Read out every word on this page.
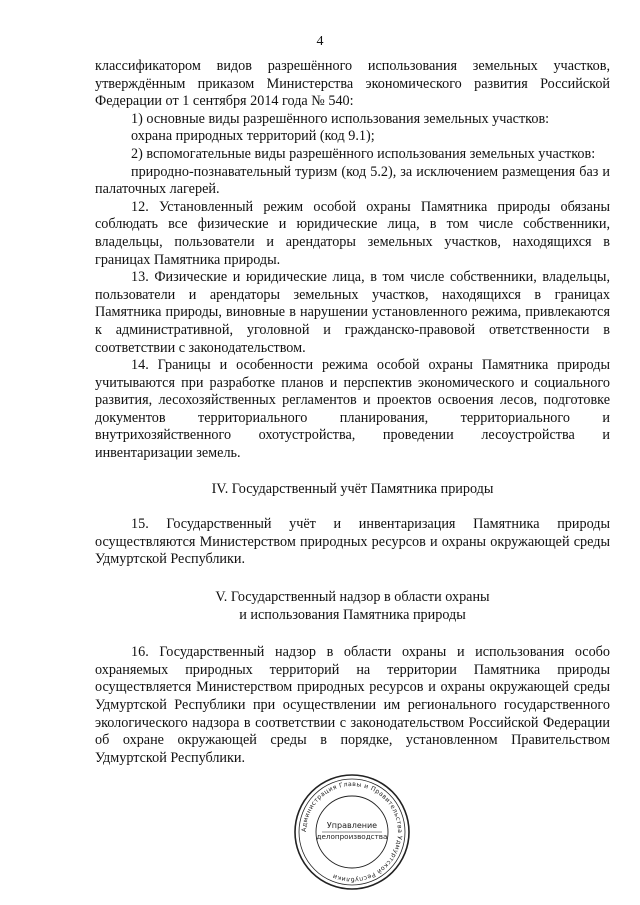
4

классификатором видов разрешённого использования земельных участков, утверждённым приказом Министерства экономического развития Российской Федерации от 1 сентября 2014 года № 540:

1) основные виды разрешённого использования земельных участков:

охрана природных территорий (код 9.1);

2) вспомогательные виды разрешённого использования земельных участков:

природно-познавательный туризм (код 5.2), за исключением размещения баз и палаточных лагерей.

12. Установленный режим особой охраны Памятника природы обязаны соблюдать все физические и юридические лица, в том числе собственники, владельцы, пользователи и арендаторы земельных участков, находящихся в границах Памятника природы.

13. Физические и юридические лица, в том числе собственники, владельцы, пользователи и арендаторы земельных участков, находящихся в границах Памятника природы, виновные в нарушении установленного режима, привлекаются к административной, уголовной и гражданско-правовой ответственности в соответствии с законодательством.

14. Границы и особенности режима особой охраны Памятника природы учитываются при разработке планов и перспектив экономического и социального развития, лесохозяйственных регламентов и проектов освоения лесов, подготовке документов территориального планирования, территориального и внутрихозяйственного охотустройства, проведении лесоустройства и инвентаризации земель.

IV. Государственный учёт Памятника природы

15. Государственный учёт и инвентаризация Памятника природы осуществляются Министерством природных ресурсов и охраны окружающей среды Удмуртской Республики.

V. Государственный надзор в области охраны

и использования Памятника природы

16. Государственный надзор в области охраны и использования особо охраняемых природных территорий на территории Памятника природы осуществляется Министерством природных ресурсов и охраны окружающей среды Удмуртской Республики при осуществлении им регионального государственного экологического надзора в соответствии с законодательством Российской Федерации об охране окружающей среды в порядке, установленном Правительством Удмуртской Республики.

Администрация Главы и Правительства Удмуртской Республики
Управление
делопроизводства
